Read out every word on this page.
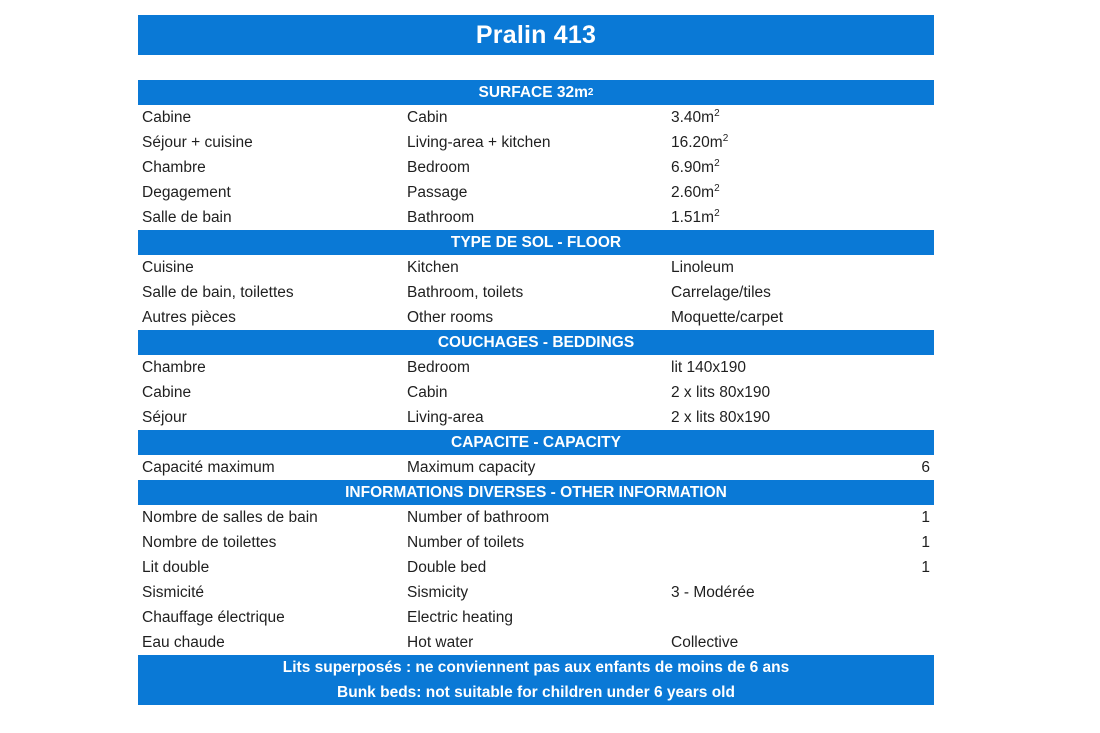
Pralin 413
SURFACE 32m 2
Cabine	Cabin	$3.40m^2$
Séjour + cuisine	Living-area + kitchen	$16.20m^2$
Chambre	Bedroom	$6.90m^2$
Degagement	Passage	$2.60m^2$
Salle de bain	Bathroom	$1.51m^2$
TYPE DE SOL - FLOOR
Cuisine	Kitchen	Linoleum
Salle de bain, toilettes	Bathroom, toilets	Carrelage/tiles
Autres pièces	Other rooms	Moquette/carpet
COUCHAGES - BEDDINGS
Chambre	Bedroom	lit 140x190
Cabine	Cabin	2 x lits 80x190
Séjour	Living-area	2 x lits 80x190
CAPACITE - CAPACITY
Capacité maximum	Maximum capacity	6
INFORMATIONS DIVERSES - OTHER INFORMATION
Nombre de salles de bain	Number of bathroom	1
Nombre de toilettes	Number of toilets	1
Lit double	Double bed	1
Sismicité	Sismicity	3 - Modérée
Chauffage électrique	Electric heating
Eau chaude	Hot water	Collective
Lits superposés : ne conviennent pas aux enfants de moins de 6 ans
Bunk beds: not suitable for children under 6 years old
